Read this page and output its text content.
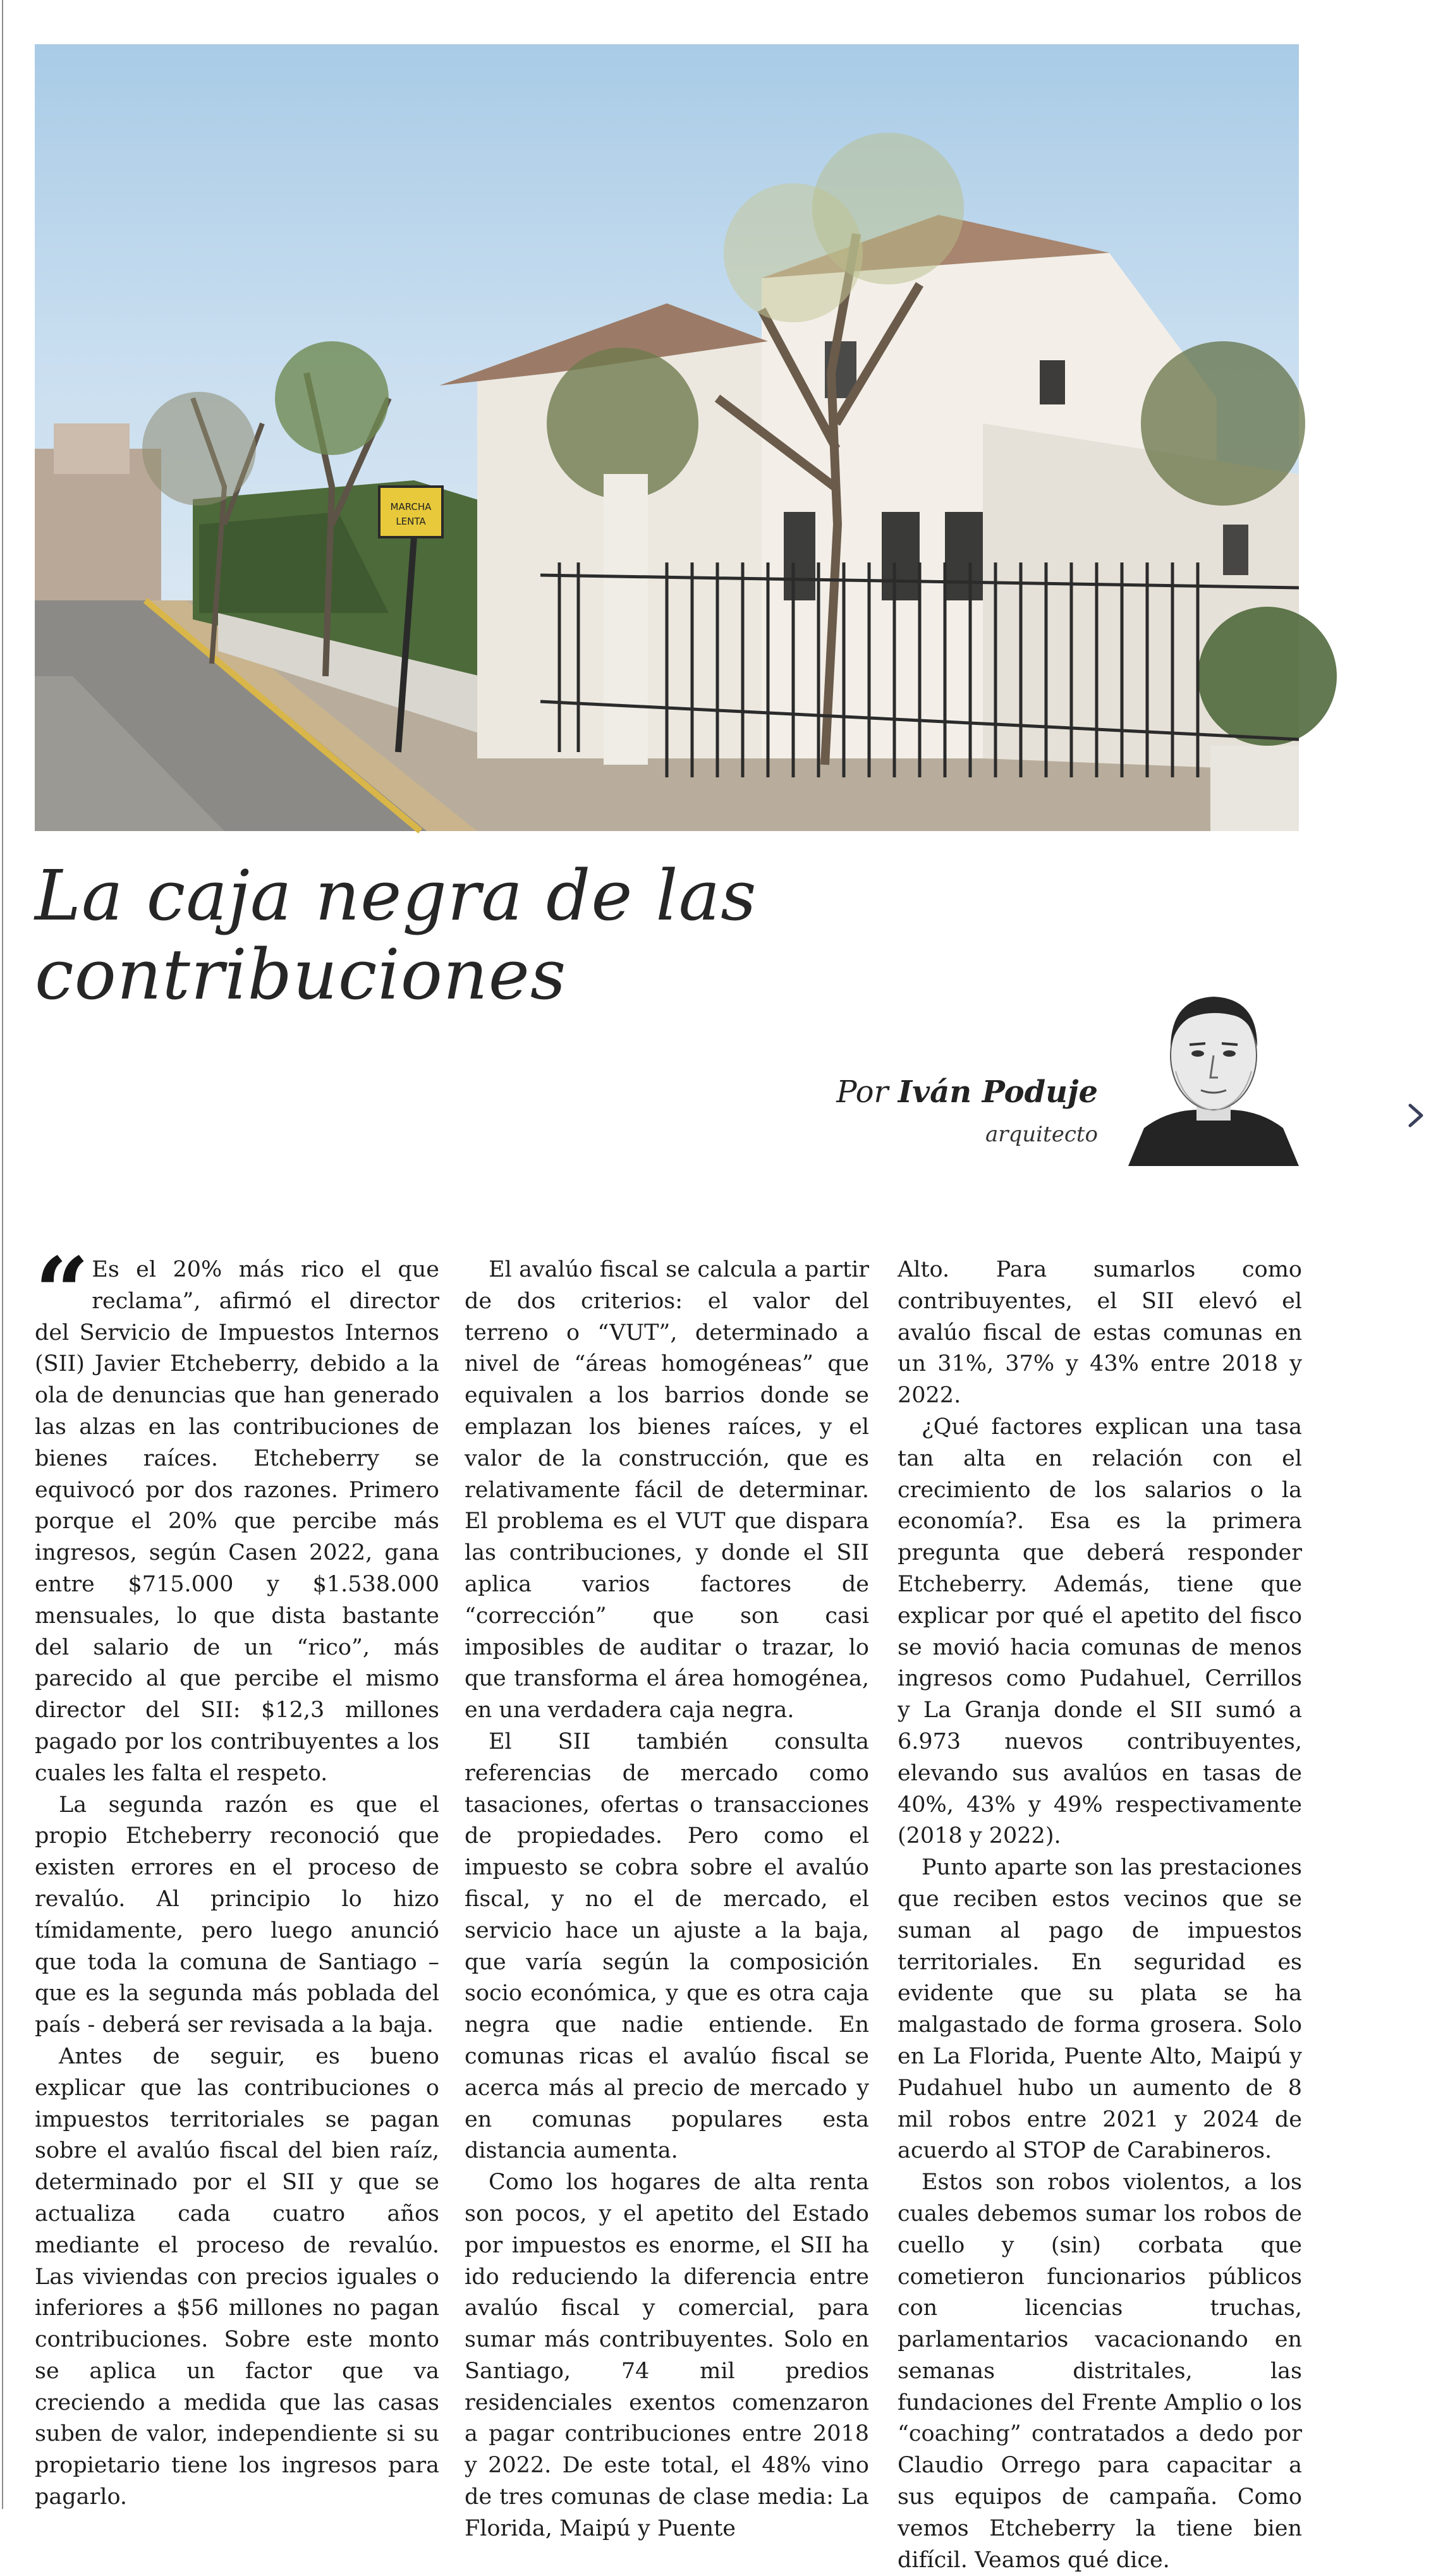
MARCHA
LENTA
La caja negra de las
contribuciones
Por Iván Poduje
arquitecto

“ Es el 20% más rico el que reclama”, afirmó el director del Servicio de Impuestos Internos (SII) Javier Etcheberry, debido a la ola de denuncias que han generado las alzas en las contribuciones de bienes raíces. Etcheberry se equivocó por dos razones. Primero porque el 20% que percibe más ingresos, según Casen 2022, gana entre $715.000 y $1.538.000 mensuales, lo que dista bastante del salario de un “rico”, más parecido al que percibe el mismo director del SII: $12,3 millones pagado por los contribuyentes a los cuales les falta el respeto.

La segunda razón es que el propio Etcheberry reconoció que existen errores en el proceso de revalúo. Al principio lo hizo tímidamente, pero luego anunció que toda la comuna de Santiago – que es la segunda más poblada del país - deberá ser revisada a la baja.

Antes de seguir, es bueno explicar que las contribuciones o impuestos territoriales se pagan sobre el avalúo fiscal del bien raíz, determinado por el SII y que se actualiza cada cuatro años mediante el proceso de revalúo. Las viviendas con precios iguales o inferiores a $56 millones no pagan contribuciones. Sobre este monto se aplica un factor que va creciendo a medida que las casas suben de valor, independiente si su propietario tiene los ingresos para pagarlo.

El avalúo fiscal se calcula a partir de dos criterios: el valor del terreno o “VUT”, determinado a nivel de “áreas homogéneas” que equivalen a los barrios donde se emplazan los bienes raíces, y el valor de la construcción, que es relativamente fácil de determinar. El problema es el VUT que dispara las contribuciones, y donde el SII aplica varios factores de “corrección” que son casi imposibles de auditar o trazar, lo que transforma el área homogénea, en una verdadera caja negra.

El SII también consulta referencias de mercado como tasaciones, ofertas o transacciones de propiedades. Pero como el impuesto se cobra sobre el avalúo fiscal, y no el de mercado, el servicio hace un ajuste a la baja, que varía según la composición socio económica, y que es otra caja negra que nadie entiende. En comunas ricas el avalúo fiscal se acerca más al precio de mercado y en comunas populares esta distancia aumenta.

Como los hogares de alta renta son pocos, y el apetito del Estado por impuestos es enorme, el SII ha ido reduciendo la diferencia entre avalúo fiscal y comercial, para sumar más contribuyentes. Solo en Santiago, 74 mil predios residenciales exentos comenzaron a pagar contribuciones entre 2018 y 2022. De este total, el 48% vino de tres comunas de clase media: La Florida, Maipú y Puente

Alto. Para sumarlos como contribuyentes, el SII elevó el avalúo fiscal de estas comunas en un 31%, 37% y 43% entre 2018 y 2022.

¿Qué factores explican una tasa tan alta en relación con el crecimiento de los salarios o la economía?. Esa es la primera pregunta que deberá responder Etcheberry. Además, tiene que explicar por qué el apetito del fisco se movió hacia comunas de menos ingresos como Pudahuel, Cerrillos y La Granja donde el SII sumó a 6.973 nuevos contribuyentes, elevando sus avalúos en tasas de 40%, 43% y 49% respectivamente (2018 y 2022).

Punto aparte son las prestaciones que reciben estos vecinos que se suman al pago de impuestos territoriales. En seguridad es evidente que su plata se ha malgastado de forma grosera. Solo en La Florida, Puente Alto, Maipú y Pudahuel hubo un aumento de 8 mil robos entre 2021 y 2024 de acuerdo al STOP de Carabineros.

Estos son robos violentos, a los cuales debemos sumar los robos de cuello y (sin) corbata que cometieron funcionarios públicos con licencias truchas, parlamentarios vacacionando en semanas distritales, las fundaciones del Frente Amplio o los “coaching” contratados a dedo por Claudio Orrego para capacitar a sus equipos de campaña. Como vemos Etcheberry la tiene bien difícil. Veamos qué dice.
